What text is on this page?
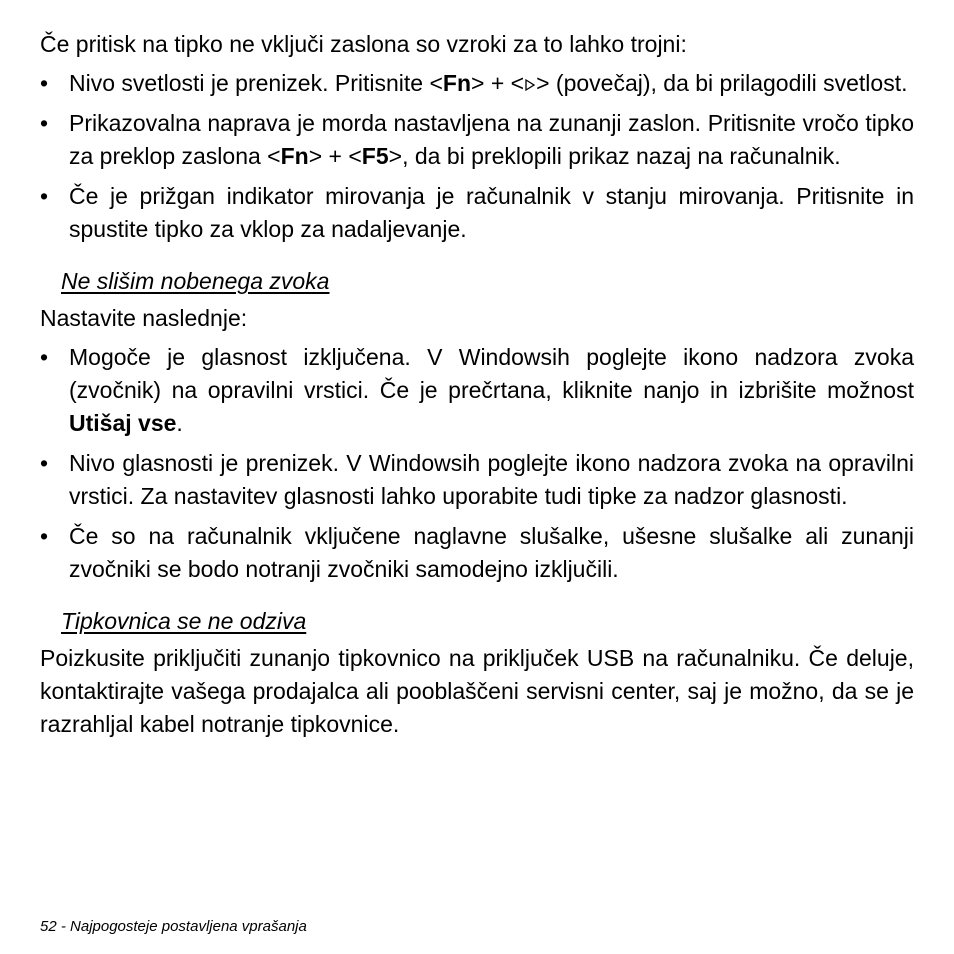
Če pritisk na tipko ne vključi zaslona so vzroki za to lahko trojni:

• Nivo svetlosti je prenizek. Pritisnite <Fn> + < > (povečaj), da bi prilagodili svetlost.
• Prikazovalna naprava je morda nastavljena na zunanji zaslon. Pritisnite vročo tipko za preklop zaslona <Fn> + <F5>, da bi preklopili prikaz nazaj na računalnik.
• Če je prižgan indikator mirovanja je računalnik v stanju mirovanja. Pritisnite in spustite tipko za vklop za nadaljevanje.

Ne slišim nobenega zvoka

Nastavite naslednje:

• Mogoče je glasnost izključena. V Windowsih poglejte ikono nadzora zvoka (zvočnik) na opravilni vrstici. Če je prečrtana, kliknite nanjo in izbrišite možnost Utišaj vse.
• Nivo glasnosti je prenizek. V Windowsih poglejte ikono nadzora zvoka na opravilni vrstici. Za nastavitev glasnosti lahko uporabite tudi tipke za nadzor glasnosti.
• Če so na računalnik vključene naglavne slušalke, ušesne slušalke ali zunanji zvočniki se bodo notranji zvočniki samodejno izključili.

Tipkovnica se ne odziva

Poizkusite priključiti zunanjo tipkovnico na priključek USB na računalniku. Če deluje, kontaktirajte vašega prodajalca ali pooblaščeni servisni center, saj je možno, da se je razrahljal kabel notranje tipkovnice.

52 - Najpogosteje postavljena vprašanja
